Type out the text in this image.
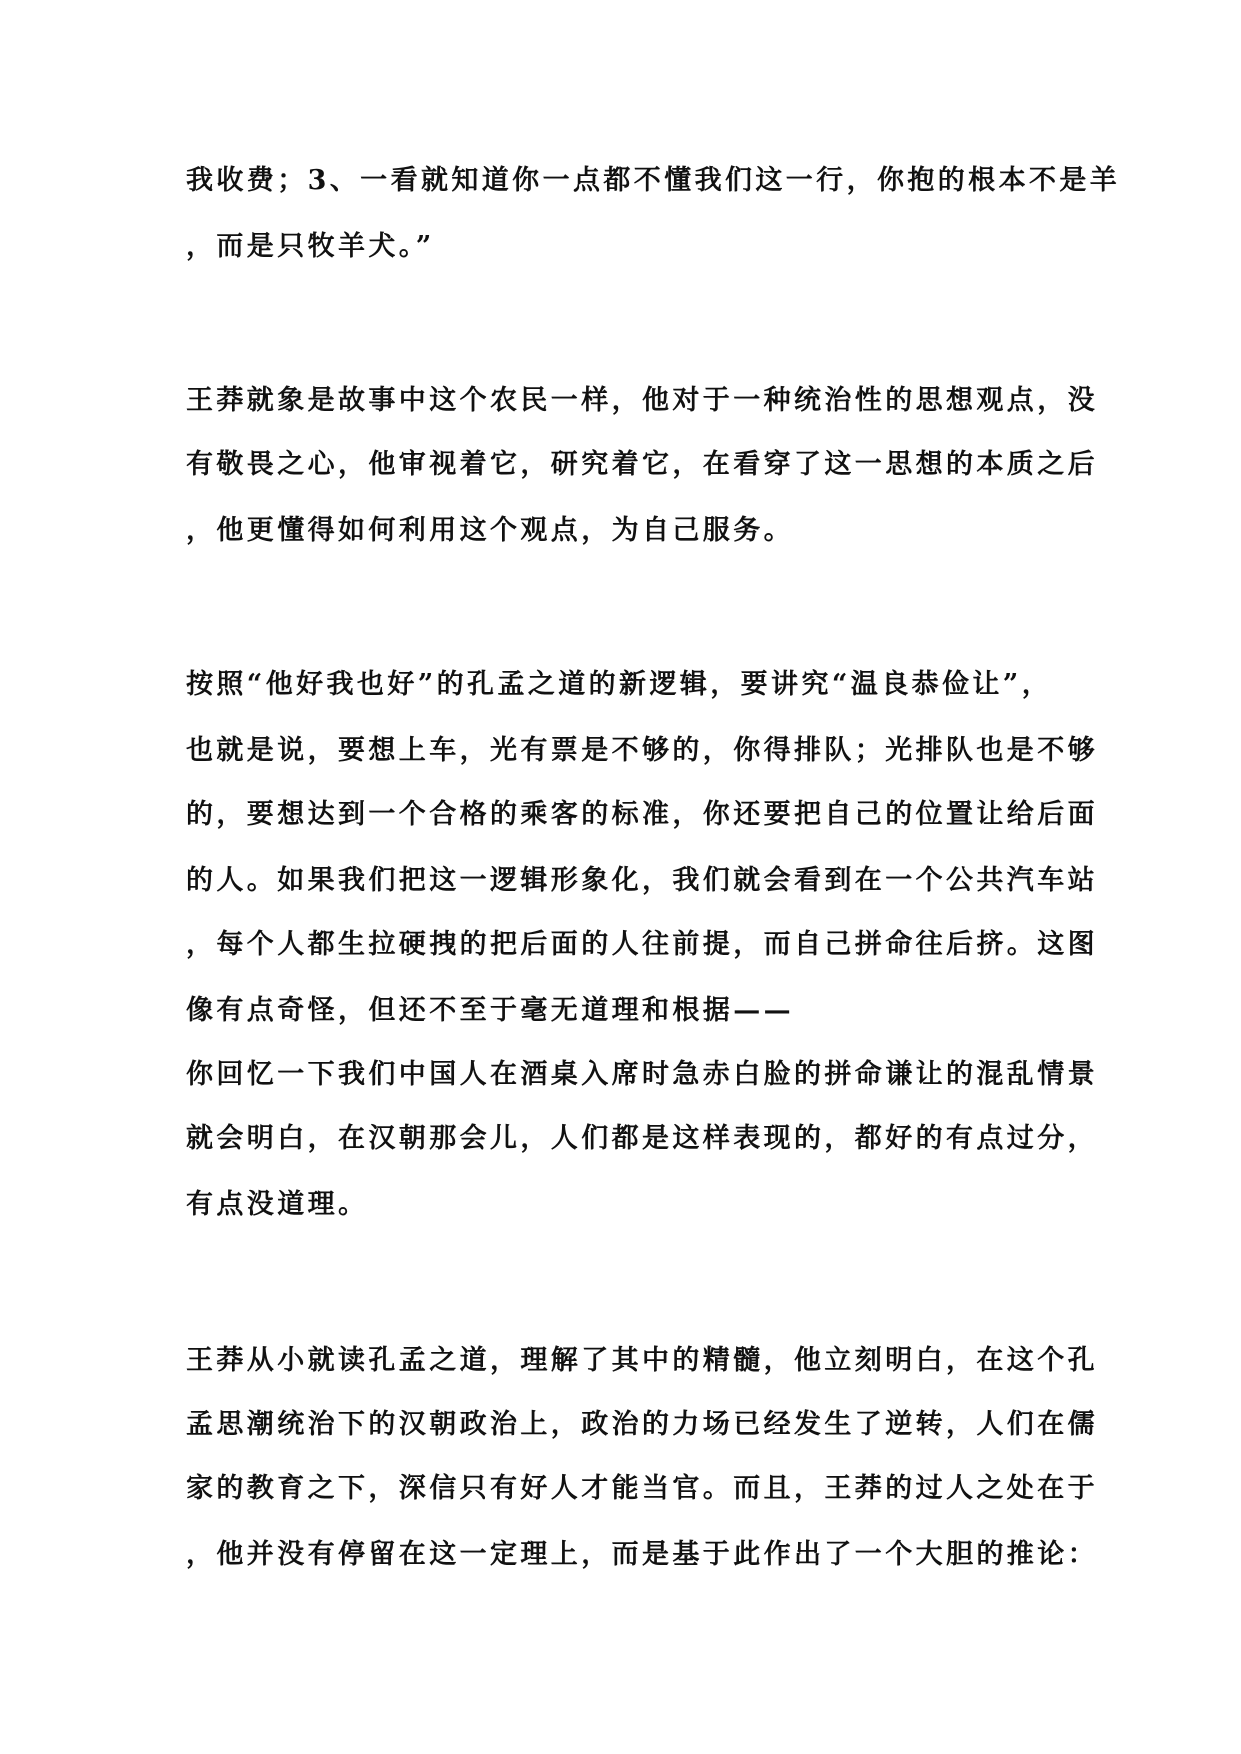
我收费；3、一看就知道你一点都不懂我们这一行，你抱的根本不是羊
，而是只牧羊犬。”
王莽就象是故事中这个农民一样，他对于一种统治性的思想观点，没
有敬畏之心，他审视着它，研究着它，在看穿了这一思想的本质之后
，他更懂得如何利用这个观点，为自己服务。
按照“他好我也好”的孔孟之道的新逻辑，要讲究“温良恭俭让”，
也就是说，要想上车，光有票是不够的，你得排队；光排队也是不够
的，要想达到一个合格的乘客的标准，你还要把自己的位置让给后面
的人。如果我们把这一逻辑形象化，我们就会看到在一个公共汽车站
，每个人都生拉硬拽的把后面的人往前提，而自己拼命往后挤。这图
像有点奇怪，但还不至于毫无道理和根据——
你回忆一下我们中国人在酒桌入席时急赤白脸的拼命谦让的混乱情景
就会明白，在汉朝那会儿，人们都是这样表现的，都好的有点过分，
有点没道理。
王莽从小就读孔孟之道，理解了其中的精髓，他立刻明白，在这个孔
孟思潮统治下的汉朝政治上，政治的力场已经发生了逆转，人们在儒
家的教育之下，深信只有好人才能当官。而且，王莽的过人之处在于
，他并没有停留在这一定理上，而是基于此作出了一个大胆的推论：
